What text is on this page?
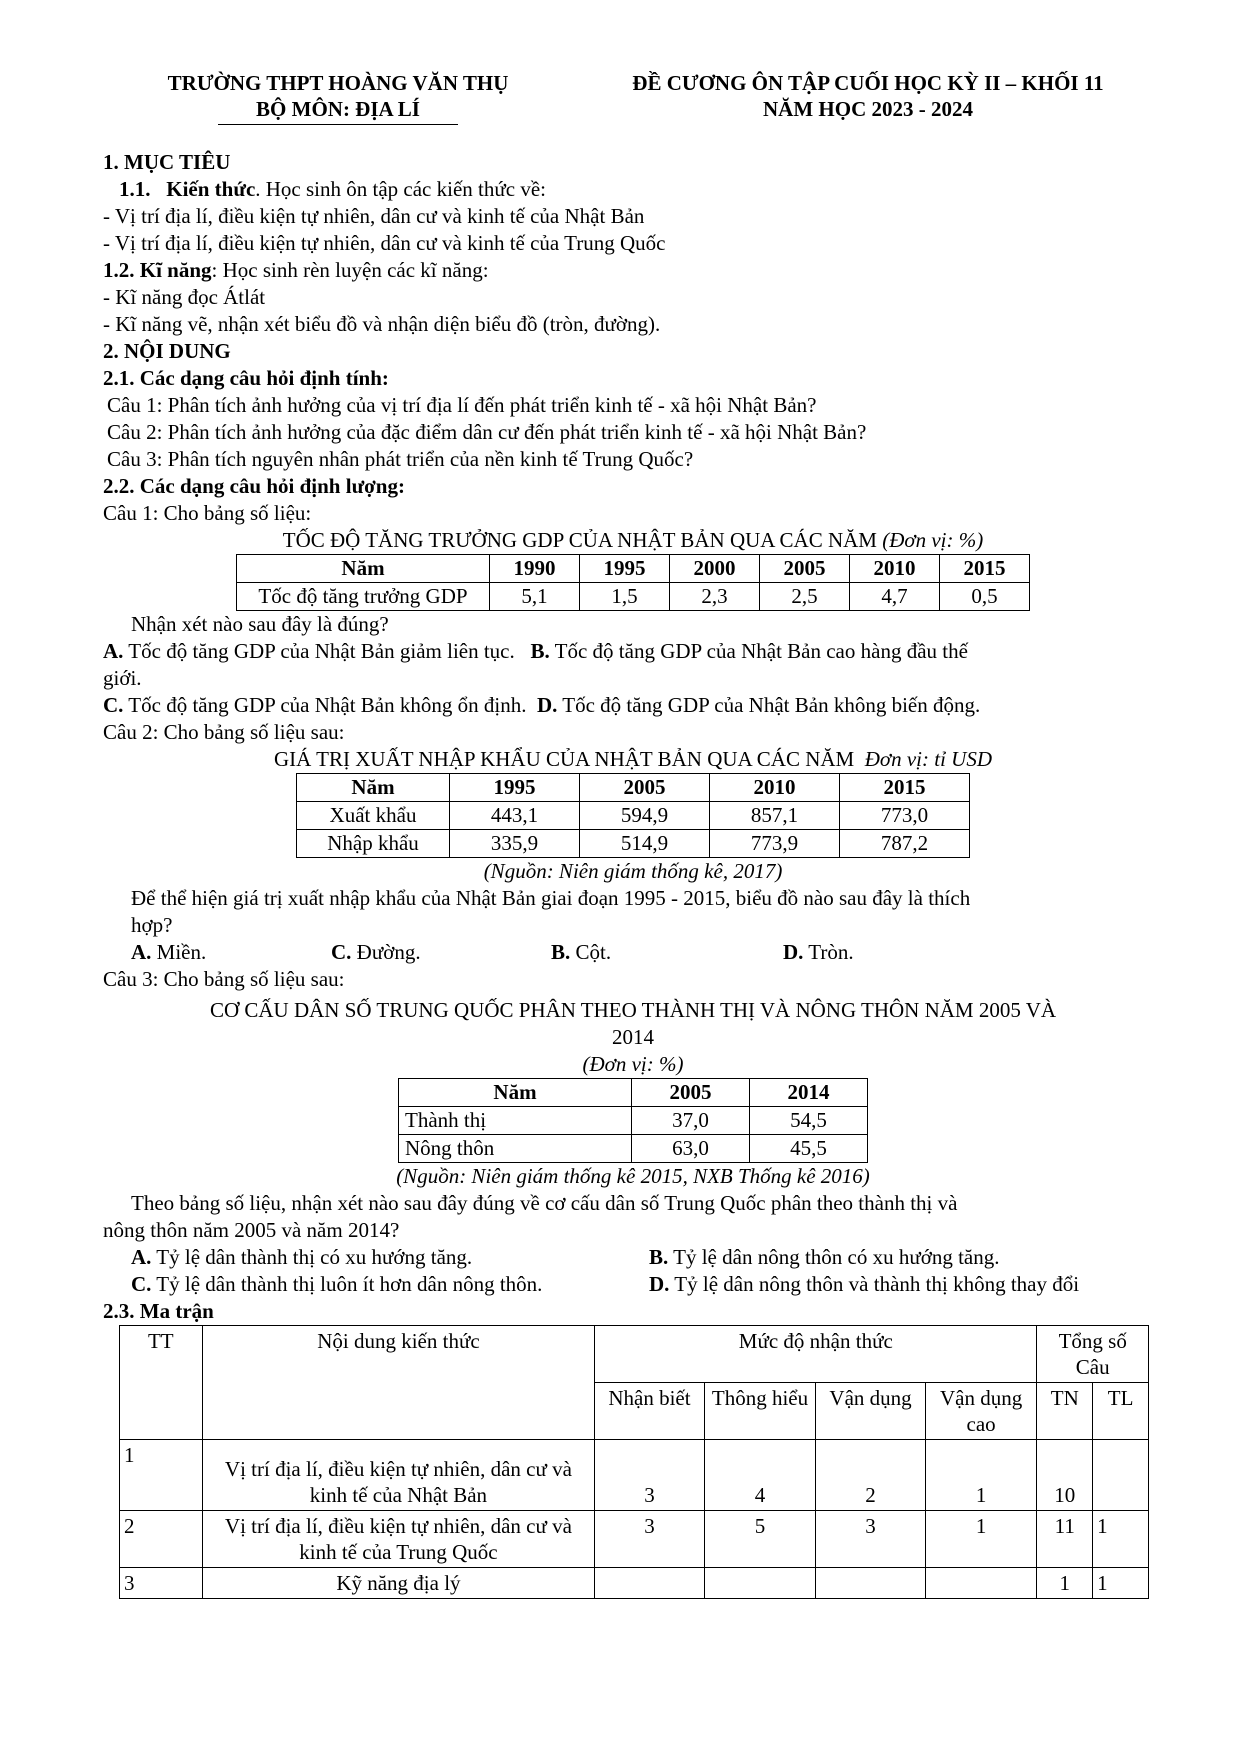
TRƯỜNG THPT HOÀNG VĂN THỤ
BỘ MÔN: ĐỊA LÍ
ĐỀ CƯƠNG ÔN TẬP CUỐI HỌC KỲ II – KHỐI 11
NĂM HỌC 2023 - 2024
1. MỤC TIÊU
1.1. Kiến thức. Học sinh ôn tập các kiến thức về:
- Vị trí địa lí, điều kiện tự nhiên, dân cư và kinh tế của Nhật Bản
- Vị trí địa lí, điều kiện tự nhiên, dân cư và kinh tế của Trung Quốc
1.2. Kĩ năng: Học sinh rèn luyện các kĩ năng:
- Kĩ năng đọc Átlát
- Kĩ năng vẽ, nhận xét biểu đồ và nhận diện biểu đồ (tròn, đường).
2. NỘI DUNG
2.1. Các dạng câu hỏi định tính:
Câu 1: Phân tích ảnh hưởng của vị trí địa lí đến phát triển kinh tế - xã hội Nhật Bản?
Câu 2: Phân tích ảnh hưởng của đặc điểm dân cư đến phát triển kinh tế - xã hội Nhật Bản?
Câu 3: Phân tích nguyên nhân phát triển của nền kinh tế Trung Quốc?
2.2. Các dạng câu hỏi định lượng:
Câu 1: Cho bảng số liệu:
TỐC ĐỘ TĂNG TRƯỞNG GDP CỦA NHẬT BẢN QUA CÁC NĂM (Đơn vị: %)
Năm	1990	1995	2000	2005	2010	2015
Tốc độ tăng trưởng GDP	5,1	1,5	2,3	2,5	4,7	0,5
Nhận xét nào sau đây là đúng?
A. Tốc độ tăng GDP của Nhật Bản giảm liên tục. B. Tốc độ tăng GDP của Nhật Bản cao hàng đầu thế
giới.
C. Tốc độ tăng GDP của Nhật Bản không ổn định. D. Tốc độ tăng GDP của Nhật Bản không biến động.
Câu 2: Cho bảng số liệu sau:
GIÁ TRỊ XUẤT NHẬP KHẨU CỦA NHẬT BẢN QUA CÁC NĂM Đơn vị: tỉ USD
Năm	1995	2005	2010	2015
Xuất khẩu	443,1	594,9	857,1	773,0
Nhập khẩu	335,9	514,9	773,9	787,2
(Nguồn: Niên giám thống kê, 2017)
Để thể hiện giá trị xuất nhập khẩu của Nhật Bản giai đoạn 1995 - 2015, biểu đồ nào sau đây là thích
hợp?
A. Miền.	C. Đường.	B. Cột.	D. Tròn.
Câu 3: Cho bảng số liệu sau:
CƠ CẤU DÂN SỐ TRUNG QUỐC PHÂN THEO THÀNH THỊ VÀ NÔNG THÔN NĂM 2005 VÀ
2014
(Đơn vị: %)
Năm	2005	2014
Thành thị	37,0	54,5
Nông thôn	63,0	45,5
(Nguồn: Niên giám thống kê 2015, NXB Thống kê 2016)
Theo bảng số liệu, nhận xét nào sau đây đúng về cơ cấu dân số Trung Quốc phân theo thành thị và
nông thôn năm 2005 và năm 2014?
A. Tỷ lệ dân thành thị có xu hướng tăng.	B. Tỷ lệ dân nông thôn có xu hướng tăng.
C. Tỷ lệ dân thành thị luôn ít hơn dân nông thôn.	D. Tỷ lệ dân nông thôn và thành thị không thay đổi
2.3. Ma trận
TT	Nội dung kiến thức	Mức độ nhận thức				Tổng số Câu	
		Nhận biết	Thông hiểu	Vận dụng	Vận dụng cao	TN	TL
1	Vị trí địa lí, điều kiện tự nhiên, dân cư và kinh tế của Nhật Bản	3	4	2	1	10	
2	Vị trí địa lí, điều kiện tự nhiên, dân cư và kinh tế của Trung Quốc	3	5	3	1	11	1
3	Kỹ năng địa lý					1	1
